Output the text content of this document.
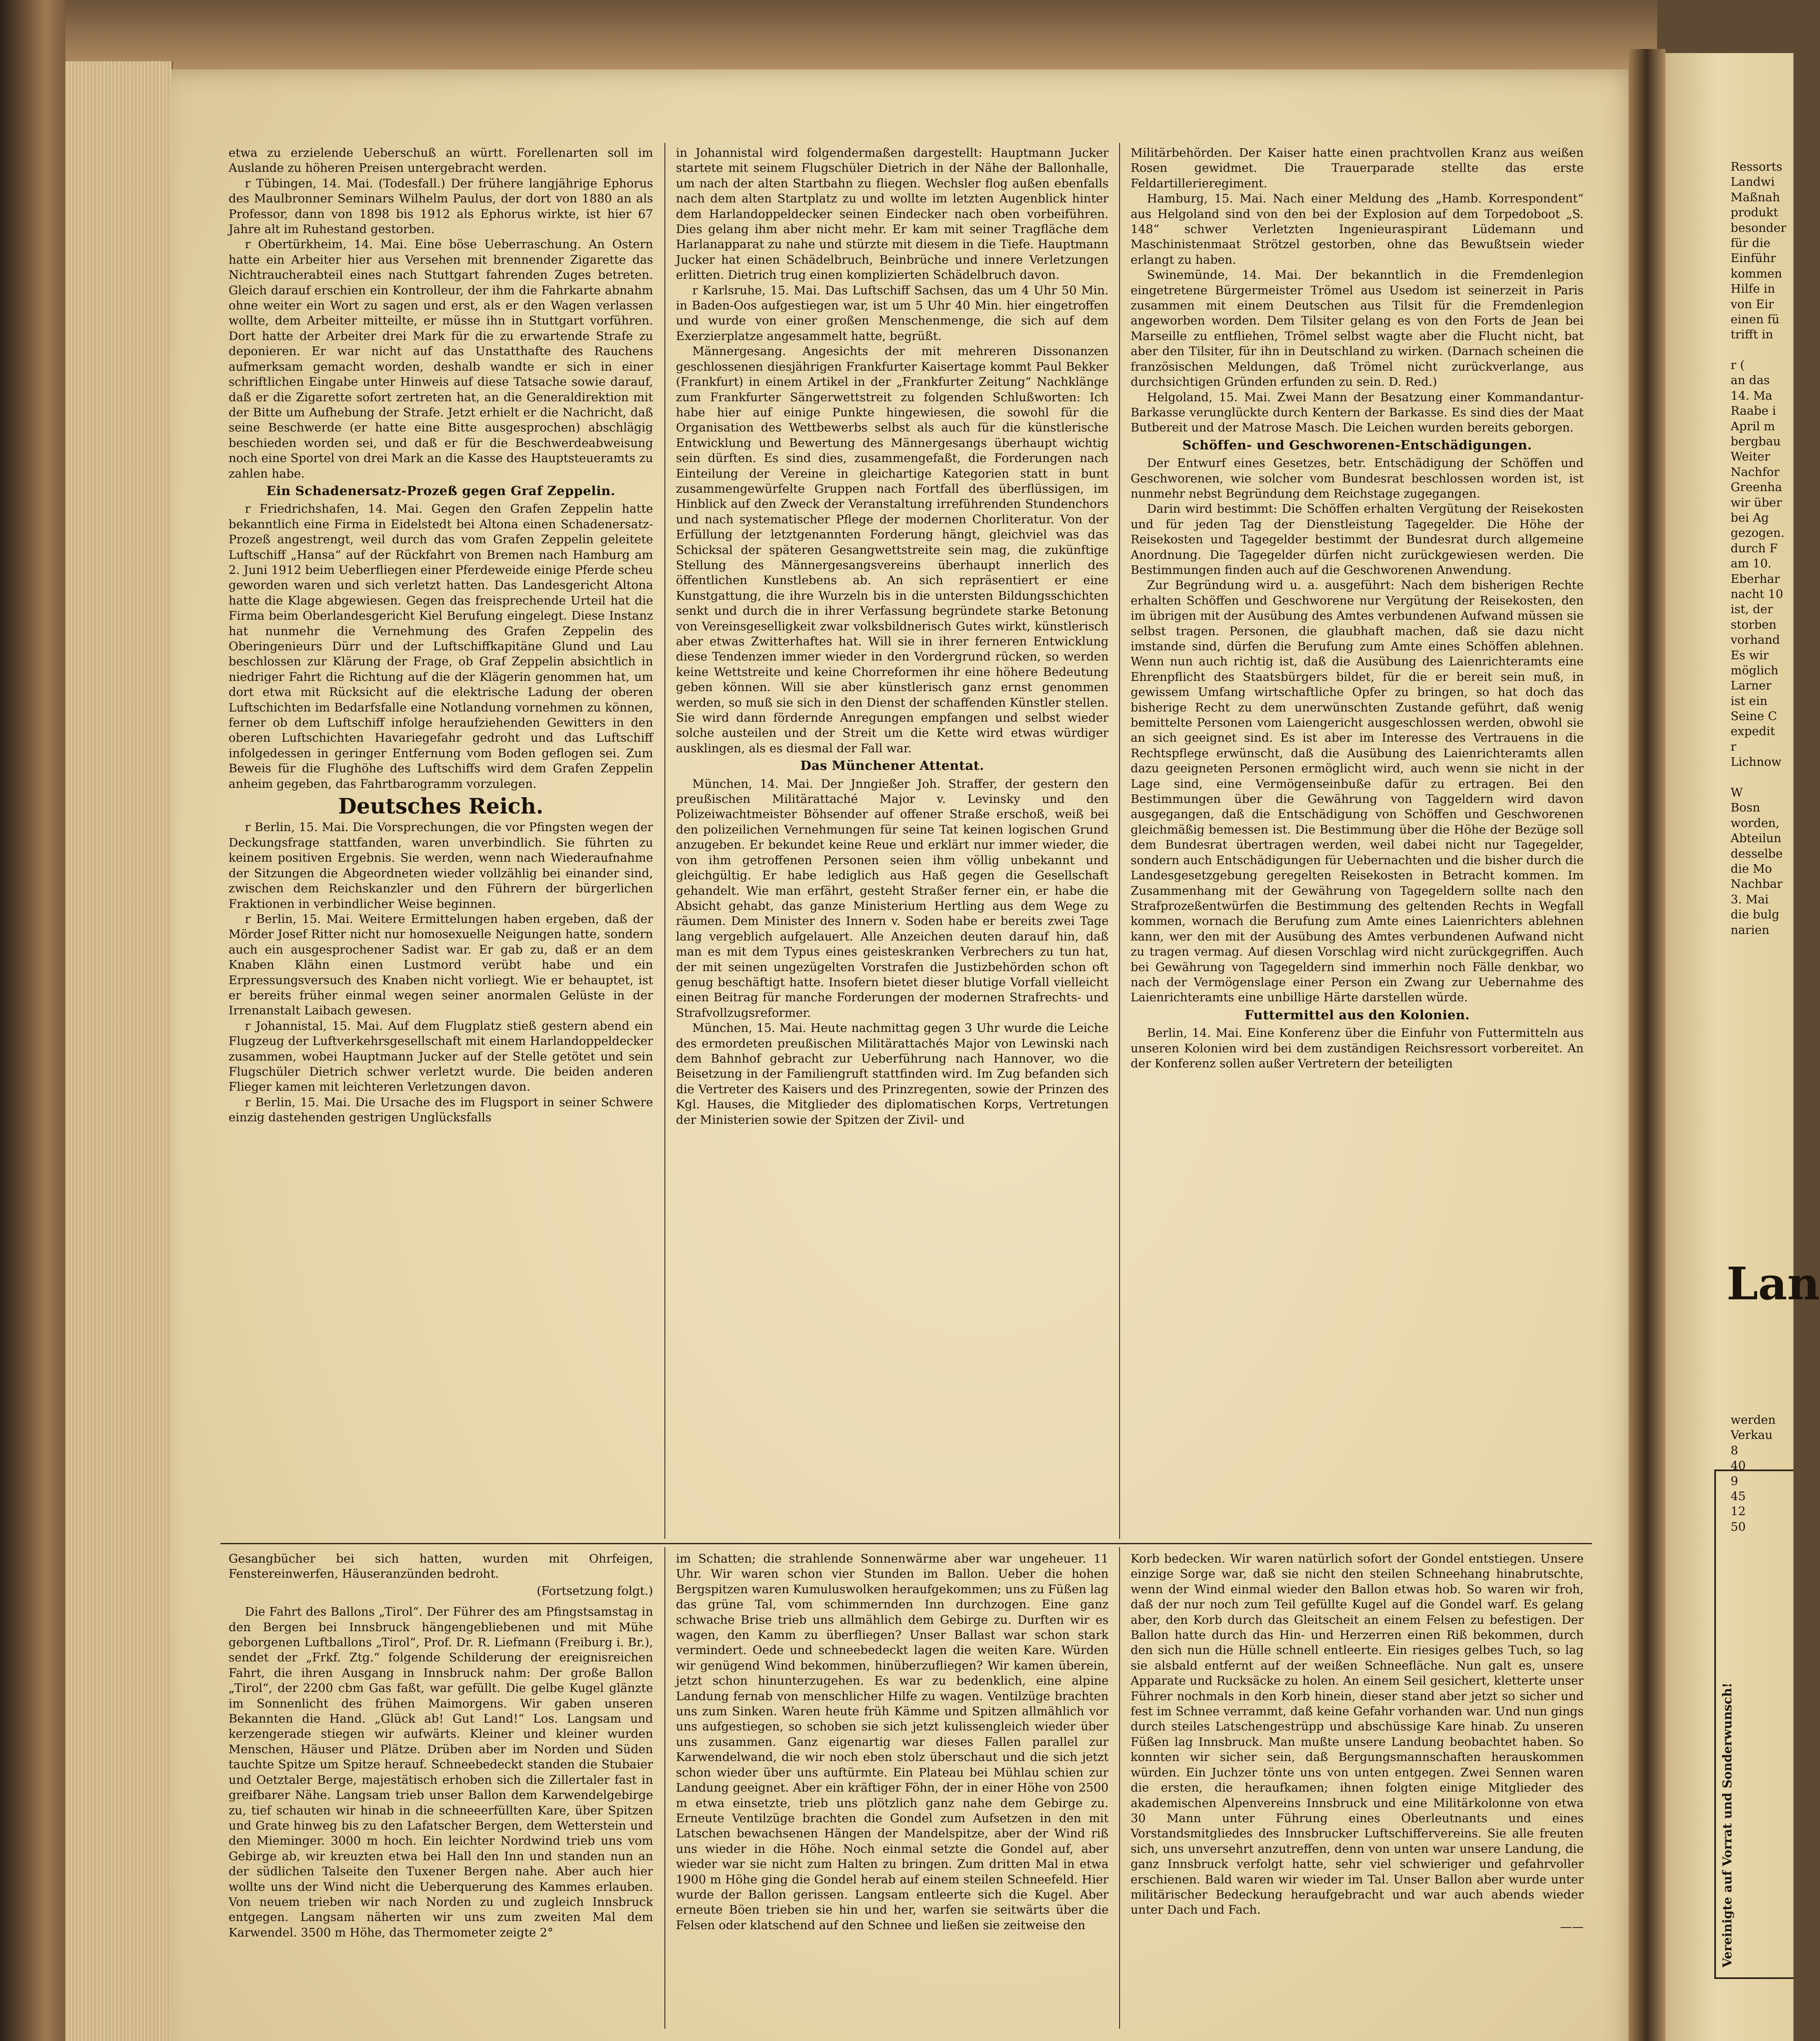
etwa zu erzielende Ueberschuß an württ. Forellenarten soll im Auslande zu höheren Preisen untergebracht werden.

r Tübingen, 14. Mai. (Todesfall.) Der frühere langjährige Ephorus des Maulbronner Seminars Wilhelm Paulus, der dort von 1880 an als Professor, dann von 1898 bis 1912 als Ephorus wirkte, ist hier 67 Jahre alt im Ruhestand gestorben.

r Obertürkheim, 14. Mai. Eine böse Ueberraschung. An Ostern hatte ein Arbeiter hier aus Versehen mit brennender Zigarette das Nichtraucherabteil eines nach Stuttgart fahrenden Zuges betreten. Gleich darauf erschien ein Kontrolleur, der ihm die Fahrkarte abnahm ohne weiter ein Wort zu sagen und erst, als er den Wagen verlassen wollte, dem Arbeiter mitteilte, er müsse ihn in Stuttgart vorführen. Dort hatte der Arbeiter drei Mark für die zu erwartende Strafe zu deponieren. Er war nicht auf das Unstatthafte des Rauchens aufmerksam gemacht worden, deshalb wandte er sich in einer schriftlichen Eingabe unter Hinweis auf diese Tatsache sowie darauf, daß er die Zigarette sofort zertreten hat, an die Generaldirektion mit der Bitte um Aufhebung der Strafe. Jetzt erhielt er die Nachricht, daß seine Beschwerde (er hatte eine Bitte ausgesprochen) abschlägig beschieden worden sei, und daß er für die Beschwerdeabweisung noch eine Sportel von drei Mark an die Kasse des Hauptsteueramts zu zahlen habe.

Ein Schadenersatz-Prozeß gegen Graf Zeppelin.

r Friedrichshafen, 14. Mai. Gegen den Grafen Zeppelin hatte bekanntlich eine Firma in Eidelstedt bei Altona einen Schadenersatz-Prozeß angestrengt, weil durch das vom Grafen Zeppelin geleitete Luftschiff „Hansa“ auf der Rückfahrt von Bremen nach Hamburg am 2. Juni 1912 beim Ueberfliegen einer Pferdeweide einige Pferde scheu geworden waren und sich verletzt hatten. Das Landesgericht Altona hatte die Klage abgewiesen. Gegen das freisprechende Urteil hat die Firma beim Oberlandesgericht Kiel Berufung eingelegt. Diese Instanz hat nunmehr die Vernehmung des Grafen Zeppelin des Oberingenieurs Dürr und der Luftschiffkapitäne Glund und Lau beschlossen zur Klärung der Frage, ob Graf Zeppelin absichtlich in niedriger Fahrt die Richtung auf die der Klägerin genommen hat, um dort etwa mit Rücksicht auf die elektrische Ladung der oberen Luftschichten im Bedarfsfalle eine Notlandung vornehmen zu können, ferner ob dem Luftschiff infolge heraufziehenden Gewitters in den oberen Luftschichten Havariegefahr gedroht und das Luftschiff infolgedessen in geringer Entfernung vom Boden geflogen sei. Zum Beweis für die Flughöhe des Luftschiffs wird dem Grafen Zeppelin anheim gegeben, das Fahrtbarogramm vorzulegen.

Deutsches Reich.

r Berlin, 15. Mai. Die Vorsprechungen, die vor Pfingsten wegen der Deckungsfrage stattfanden, waren unverbindlich. Sie führten zu keinem positiven Ergebnis. Sie werden, wenn nach Wiederaufnahme der Sitzungen die Abgeordneten wieder vollzählig bei einander sind, zwischen dem Reichskanzler und den Führern der bürgerlichen Fraktionen in verbindlicher Weise beginnen.

r Berlin, 15. Mai. Weitere Ermittelungen haben ergeben, daß der Mörder Josef Ritter nicht nur homosexuelle Neigungen hatte, sondern auch ein ausgesprochener Sadist war. Er gab zu, daß er an dem Knaben Klähn einen Lustmord verübt habe und ein Erpressungsversuch des Knaben nicht vorliegt. Wie er behauptet, ist er bereits früher einmal wegen seiner anormalen Gelüste in der Irrenanstalt Laibach gewesen.

r Johannistal, 15. Mai. Auf dem Flugplatz stieß gestern abend ein Flugzeug der Luftverkehrsgesellschaft mit einem Harlandoppeldecker zusammen, wobei Hauptmann Jucker auf der Stelle getötet und sein Flugschüler Dietrich schwer verletzt wurde. Die beiden anderen Flieger kamen mit leichteren Verletzungen davon.

r Berlin, 15. Mai. Die Ursache des im Flugsport in seiner Schwere einzig dastehenden gestrigen Unglücksfalls

in Johannistal wird folgendermaßen dargestellt: Hauptmann Jucker startete mit seinem Flugschüler Dietrich in der Nähe der Ballonhalle, um nach der alten Startbahn zu fliegen. Wechsler flog außen ebenfalls nach dem alten Startplatz zu und wollte im letzten Augenblick hinter dem Harlandoppeldecker seinen Eindecker nach oben vorbeiführen. Dies gelang ihm aber nicht mehr. Er kam mit seiner Tragfläche dem Harlanapparat zu nahe und stürzte mit diesem in die Tiefe. Hauptmann Jucker hat einen Schädelbruch, Beinbrüche und innere Verletzungen erlitten. Dietrich trug einen komplizierten Schädelbruch davon.

r Karlsruhe, 15. Mai. Das Luftschiff Sachsen, das um 4 Uhr 50 Min. in Baden-Oos aufgestiegen war, ist um 5 Uhr 40 Min. hier eingetroffen und wurde von einer großen Menschenmenge, die sich auf dem Exerzierplatze angesammelt hatte, begrüßt.

Männergesang. Angesichts der mit mehreren Dissonanzen geschlossenen diesjährigen Frankfurter Kaisertage kommt Paul Bekker (Frankfurt) in einem Artikel in der „Frankfurter Zeitung“ Nachklänge zum Frankfurter Sängerwettstreit zu folgenden Schlußworten: Ich habe hier auf einige Punkte hingewiesen, die sowohl für die Organisation des Wettbewerbs selbst als auch für die künstlerische Entwicklung und Bewertung des Männergesangs überhaupt wichtig sein dürften. Es sind dies, zusammengefaßt, die Forderungen nach Einteilung der Vereine in gleichartige Kategorien statt in bunt zusammengewürfelte Gruppen nach Fortfall des überflüssigen, im Hinblick auf den Zweck der Veranstaltung irreführenden Stundenchors und nach systematischer Pflege der modernen Chorliteratur. Von der Erfüllung der letztgenannten Forderung hängt, gleichviel was das Schicksal der späteren Gesangwettstreite sein mag, die zukünftige Stellung des Männergesangsvereins überhaupt innerlich des öffentlichen Kunstlebens ab. An sich repräsentiert er eine Kunstgattung, die ihre Wurzeln bis in die untersten Bildungsschichten senkt und durch die in ihrer Verfassung begründete starke Betonung von Vereinsgeselligkeit zwar volksbildnerisch Gutes wirkt, künstlerisch aber etwas Zwitterhaftes hat. Will sie in ihrer ferneren Entwicklung diese Tendenzen immer wieder in den Vordergrund rücken, so werden keine Wettstreite und keine Chorreformen ihr eine höhere Bedeutung geben können. Will sie aber künstlerisch ganz ernst genommen werden, so muß sie sich in den Dienst der schaffenden Künstler stellen. Sie wird dann fördernde Anregungen empfangen und selbst wieder solche austeilen und der Streit um die Kette wird etwas würdiger ausklingen, als es diesmal der Fall war.

Das Münchener Attentat.

München, 14. Mai. Der Jnngießer Joh. Straffer, der gestern den preußischen Militärattaché Major v. Levinsky und den Polizeiwachtmeister Böhsender auf offener Straße erschoß, weiß bei den polizeilichen Vernehmungen für seine Tat keinen logischen Grund anzugeben. Er bekundet keine Reue und erklärt nur immer wieder, die von ihm getroffenen Personen seien ihm völlig unbekannt und gleichgültig. Er habe lediglich aus Haß gegen die Gesellschaft gehandelt. Wie man erfährt, gesteht Straßer ferner ein, er habe die Absicht gehabt, das ganze Ministerium Hertling aus dem Wege zu räumen. Dem Minister des Innern v. Soden habe er bereits zwei Tage lang vergeblich aufgelauert. Alle Anzeichen deuten darauf hin, daß man es mit dem Typus eines geisteskranken Verbrechers zu tun hat, der mit seinen ungezügelten Vorstrafen die Justizbehörden schon oft genug beschäftigt hatte. Insofern bietet dieser blutige Vorfall vielleicht einen Beitrag für manche Forderungen der modernen Strafrechts- und Strafvollzugsreformer.

München, 15. Mai. Heute nachmittag gegen 3 Uhr wurde die Leiche des ermordeten preußischen Militärattachés Major von Lewinski nach dem Bahnhof gebracht zur Ueberführung nach Hannover, wo die Beisetzung in der Familiengruft stattfinden wird. Im Zug befanden sich die Vertreter des Kaisers und des Prinzregenten, sowie der Prinzen des Kgl. Hauses, die Mitglieder des diplomatischen Korps, Vertretungen der Ministerien sowie der Spitzen der Zivil- und

Militärbehörden. Der Kaiser hatte einen prachtvollen Kranz aus weißen Rosen gewidmet. Die Trauerparade stellte das erste Feldartillerieregiment.

Hamburg, 15. Mai. Nach einer Meldung des „Hamb. Korrespondent“ aus Helgoland sind von den bei der Explosion auf dem Torpedoboot „S. 148“ schwer Verletzten Ingenieuraspirant Lüdemann und Maschinistenmaat Strötzel gestorben, ohne das Bewußtsein wieder erlangt zu haben.

Swinemünde, 14. Mai. Der bekanntlich in die Fremdenlegion eingetretene Bürgermeister Trömel aus Usedom ist seinerzeit in Paris zusammen mit einem Deutschen aus Tilsit für die Fremdenlegion angeworben worden. Dem Tilsiter gelang es von den Forts de Jean bei Marseille zu entfliehen, Trömel selbst wagte aber die Flucht nicht, bat aber den Tilsiter, für ihn in Deutschland zu wirken. (Darnach scheinen die französischen Meldungen, daß Trömel nicht zurückverlange, aus durchsichtigen Gründen erfunden zu sein. D. Red.)

Helgoland, 15. Mai. Zwei Mann der Besatzung einer Kommandantur-Barkasse verunglückte durch Kentern der Barkasse. Es sind dies der Maat Butbereit und der Matrose Masch. Die Leichen wurden bereits geborgen.

Schöffen- und Geschworenen-Entschädigungen.

Der Entwurf eines Gesetzes, betr. Entschädigung der Schöffen und Geschworenen, wie solcher vom Bundesrat beschlossen worden ist, ist nunmehr nebst Begründung dem Reichstage zugegangen.

Darin wird bestimmt: Die Schöffen erhalten Vergütung der Reisekosten und für jeden Tag der Dienstleistung Tagegelder. Die Höhe der Reisekosten und Tagegelder bestimmt der Bundesrat durch allgemeine Anordnung. Die Tagegelder dürfen nicht zurückgewiesen werden. Die Bestimmungen finden auch auf die Geschworenen Anwendung.

Zur Begründung wird u. a. ausgeführt: Nach dem bisherigen Rechte erhalten Schöffen und Geschworene nur Vergütung der Reisekosten, den im übrigen mit der Ausübung des Amtes verbundenen Aufwand müssen sie selbst tragen. Personen, die glaubhaft machen, daß sie dazu nicht imstande sind, dürfen die Berufung zum Amte eines Schöffen ablehnen. Wenn nun auch richtig ist, daß die Ausübung des Laienrichteramts eine Ehrenpflicht des Staatsbürgers bildet, für die er bereit sein muß, in gewissem Umfang wirtschaftliche Opfer zu bringen, so hat doch das bisherige Recht zu dem unerwünschten Zustande geführt, daß wenig bemittelte Personen vom Laiengericht ausgeschlossen werden, obwohl sie an sich geeignet sind. Es ist aber im Interesse des Vertrauens in die Rechtspflege erwünscht, daß die Ausübung des Laienrichteramts allen dazu geeigneten Personen ermöglicht wird, auch wenn sie nicht in der Lage sind, eine Vermögenseinbuße dafür zu ertragen. Bei den Bestimmungen über die Gewährung von Taggeldern wird davon ausgegangen, daß die Entschädigung von Schöffen und Geschworenen gleichmäßig bemessen ist. Die Bestimmung über die Höhe der Bezüge soll dem Bundesrat übertragen werden, weil dabei nicht nur Tagegelder, sondern auch Entschädigungen für Uebernachten und die bisher durch die Landesgesetzgebung geregelten Reisekosten in Betracht kommen. Im Zusammenhang mit der Gewährung von Tagegeldern sollte nach den Strafprozeßentwürfen die Bestimmung des geltenden Rechts in Wegfall kommen, wornach die Berufung zum Amte eines Laienrichters ablehnen kann, wer den mit der Ausübung des Amtes verbundenen Aufwand nicht zu tragen vermag. Auf diesen Vorschlag wird nicht zurückgegriffen. Auch bei Gewährung von Tagegeldern sind immerhin noch Fälle denkbar, wo nach der Vermögenslage einer Person ein Zwang zur Uebernahme des Laienrichteramts eine unbillige Härte darstellen würde.

Futtermittel aus den Kolonien.

Berlin, 14. Mai. Eine Konferenz über die Einfuhr von Futtermitteln aus unseren Kolonien wird bei dem zuständigen Reichsressort vorbereitet. An der Konferenz sollen außer Vertretern der beteiligten

Gesangbücher bei sich hatten, wurden mit Ohrfeigen, Fenstereinwerfen, Häuseranzünden bedroht.

(Fortsetzung folgt.)

Die Fahrt des Ballons „Tirol“. Der Führer des am Pfingstsamstag in den Bergen bei Innsbruck hängengebliebenen und mit Mühe geborgenen Luftballons „Tirol“, Prof. Dr. R. Liefmann (Freiburg i. Br.), sendet der „Frkf. Ztg.“ folgende Schilderung der ereignisreichen Fahrt, die ihren Ausgang in Innsbruck nahm: Der große Ballon „Tirol“, der 2200 cbm Gas faßt, war gefüllt. Die gelbe Kugel glänzte im Sonnenlicht des frühen Maimorgens. Wir gaben unseren Bekannten die Hand. „Glück ab! Gut Land!“ Los. Langsam und kerzengerade stiegen wir aufwärts. Kleiner und kleiner wurden Menschen, Häuser und Plätze. Drüben aber im Norden und Süden tauchte Spitze um Spitze herauf. Schneebedeckt standen die Stubaier und Oetztaler Berge, majestätisch erhoben sich die Zillertaler fast in greifbarer Nähe. Langsam trieb unser Ballon dem Karwendelgebirge zu, tief schauten wir hinab in die schneeerfüllten Kare, über Spitzen und Grate hinweg bis zu den Lafatscher Bergen, dem Wetterstein und den Mieminger. 3000 m hoch. Ein leichter Nordwind trieb uns vom Gebirge ab, wir kreuzten etwa bei Hall den Inn und standen nun an der südlichen Talseite den Tuxener Bergen nahe. Aber auch hier wollte uns der Wind nicht die Ueberquerung des Kammes erlauben. Von neuem trieben wir nach Norden zu und zugleich Innsbruck entgegen. Langsam näherten wir uns zum zweiten Mal dem Karwendel. 3500 m Höhe, das Thermometer zeigte 2°

im Schatten; die strahlende Sonnenwärme aber war ungeheuer. 11 Uhr. Wir waren schon vier Stunden im Ballon. Ueber die hohen Bergspitzen waren Kumuluswolken heraufgekommen; uns zu Füßen lag das grüne Tal, vom schimmernden Inn durchzogen. Eine ganz schwache Brise trieb uns allmählich dem Gebirge zu. Durften wir es wagen, den Kamm zu überfliegen? Unser Ballast war schon stark vermindert. Oede und schneebedeckt lagen die weiten Kare. Würden wir genügend Wind bekommen, hinüberzufliegen? Wir kamen überein, jetzt schon hinunterzugehen. Es war zu bedenklich, eine alpine Landung fernab von menschlicher Hilfe zu wagen. Ventilzüge brachten uns zum Sinken. Waren heute früh Kämme und Spitzen allmählich vor uns aufgestiegen, so schoben sie sich jetzt kulissengleich wieder über uns zusammen. Ganz eigenartig war dieses Fallen parallel zur Karwendelwand, die wir noch eben stolz überschaut und die sich jetzt schon wieder über uns auftürmte. Ein Plateau bei Mühlau schien zur Landung geeignet. Aber ein kräftiger Föhn, der in einer Höhe von 2500 m etwa einsetzte, trieb uns plötzlich ganz nahe dem Gebirge zu. Erneute Ventilzüge brachten die Gondel zum Aufsetzen in den mit Latschen bewachsenen Hängen der Mandelspitze, aber der Wind riß uns wieder in die Höhe. Noch einmal setzte die Gondel auf, aber wieder war sie nicht zum Halten zu bringen. Zum dritten Mal in etwa 1900 m Höhe ging die Gondel herab auf einem steilen Schneefeld. Hier wurde der Ballon gerissen. Langsam entleerte sich die Kugel. Aber erneute Böen trieben sie hin und her, warfen sie seitwärts über die Felsen oder klatschend auf den Schnee und ließen sie zeitweise den

Korb bedecken. Wir waren natürlich sofort der Gondel entstiegen. Unsere einzige Sorge war, daß sie nicht den steilen Schneehang hinabrutschte, wenn der Wind einmal wieder den Ballon etwas hob. So waren wir froh, daß der nur noch zum Teil gefüllte Kugel auf die Gondel warf. Es gelang aber, den Korb durch das Gleitscheit an einem Felsen zu befestigen. Der Ballon hatte durch das Hin- und Herzerren einen Riß bekommen, durch den sich nun die Hülle schnell entleerte. Ein riesiges gelbes Tuch, so lag sie alsbald entfernt auf der weißen Schneefläche. Nun galt es, unsere Apparate und Rucksäcke zu holen. An einem Seil gesichert, kletterte unser Führer nochmals in den Korb hinein, dieser stand aber jetzt so sicher und fest im Schnee verrammt, daß keine Gefahr vorhanden war. Und nun gings durch steiles Latschengestrüpp und abschüssige Kare hinab. Zu unseren Füßen lag Innsbruck. Man mußte unsere Landung beobachtet haben. So konnten wir sicher sein, daß Bergungsmannschaften herauskommen würden. Ein Juchzer tönte uns von unten entgegen. Zwei Sennen waren die ersten, die heraufkamen; ihnen folgten einige Mitglieder des akademischen Alpenvereins Innsbruck und eine Militärkolonne von etwa 30 Mann unter Führung eines Oberleutnants und eines Vorstandsmitgliedes des Innsbrucker Luftschiffervereins. Sie alle freuten sich, uns unversehrt anzutreffen, denn von unten war unsere Landung, die ganz Innsbruck verfolgt hatte, sehr viel schwieriger und gefahrvoller erschienen. Bald waren wir wieder im Tal. Unser Ballon aber wurde unter militärischer Bedeckung heraufgebracht und war auch abends wieder unter Dach und Fach.

——

Ressorts
Landwi
Maßnah
produkt
besonder
für die
Einführ
kommen
Hilfe in
von Eir
einen fü
trifft in
r (
an das
14. Ma
Raabe i
April m
bergbau
Weiter
Nachfor
Greenha
wir über
bei Ag
gezogen.
durch F
am 10.
Eberhar
nacht 10
ist, der
storben
vorhand
Es wir
möglich
Larner
ist ein
Seine C
expedit
r
Lichnow
W
Bosn
worden,
Abteilun
desselbe
die Mo
Nachbar
3. Mai
die bulg
narien
Lan
werden
Verkau
8
40
9
45
12
50
Vereinigte auf Vorrat und Sonderwunsch!
